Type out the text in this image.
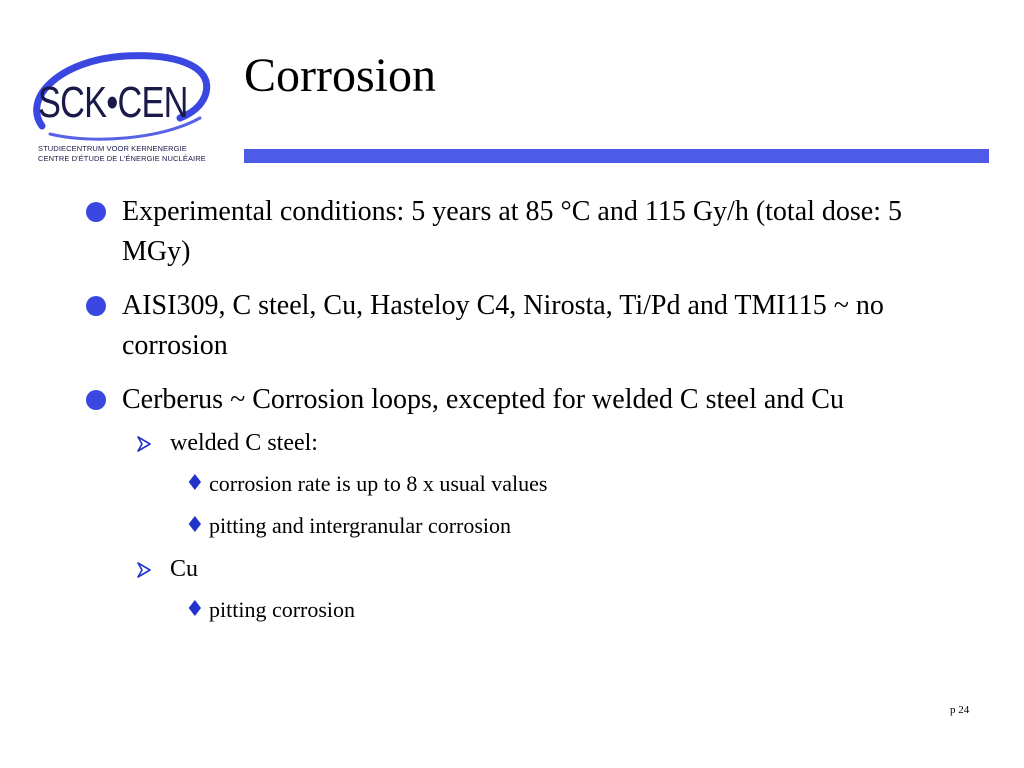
SCK•CEN
STUDIECENTRUM VOOR KERNENERGIE
CENTRE D'ÉTUDE DE L'ÉNERGIE NUCLÉAIRE
Corrosion
Experimental conditions: 5 years at 85 °C and 115 Gy/h (total dose: 5 MGy)
AISI309, C steel, Cu, Hasteloy C4, Nirosta, Ti/Pd and TMI115 ~ no corrosion
Cerberus ~ Corrosion loops, excepted for welded C steel and Cu
welded C steel:
♦ corrosion rate is up to 8 x usual values
♦ pitting and intergranular corrosion
Cu
♦ pitting corrosion
p 24
